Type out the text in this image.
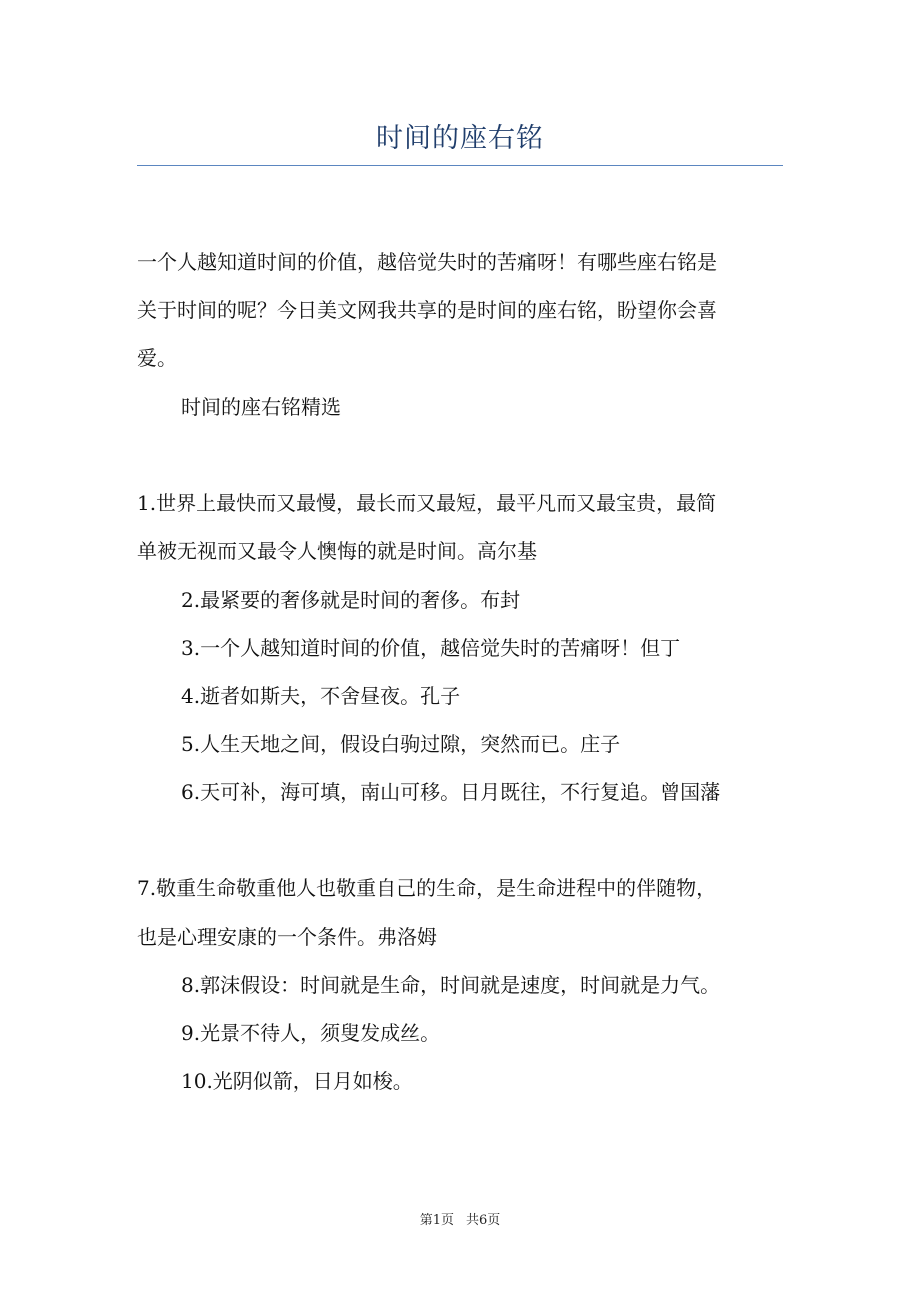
时间的座右铭
一个人越知道时间的价值，越倍觉失时的苦痛呀！有哪些座右铭是
关于时间的呢？今日美文网我共享的是时间的座右铭，盼望你会喜
爱。
时间的座右铭精选
1.世界上最快而又最慢，最长而又最短，最平凡而又最宝贵，最简
单被无视而又最令人懊悔的就是时间。高尔基
2.最紧要的奢侈就是时间的奢侈。布封
3.一个人越知道时间的价值，越倍觉失时的苦痛呀！但丁
4.逝者如斯夫，不舍昼夜。孔子
5.人生天地之间，假设白驹过隙，突然而已。庄子
6.天可补，海可填，南山可移。日月既往，不行复追。曾国藩
7.敬重生命敬重他人也敬重自己的生命，是生命进程中的伴随物，
也是心理安康的一个条件。弗洛姆
8.郭沫假设：时间就是生命，时间就是速度，时间就是力气。
9.光景不待人，须叟发成丝。
10.光阴似箭，日月如梭。
第1页 共6页
